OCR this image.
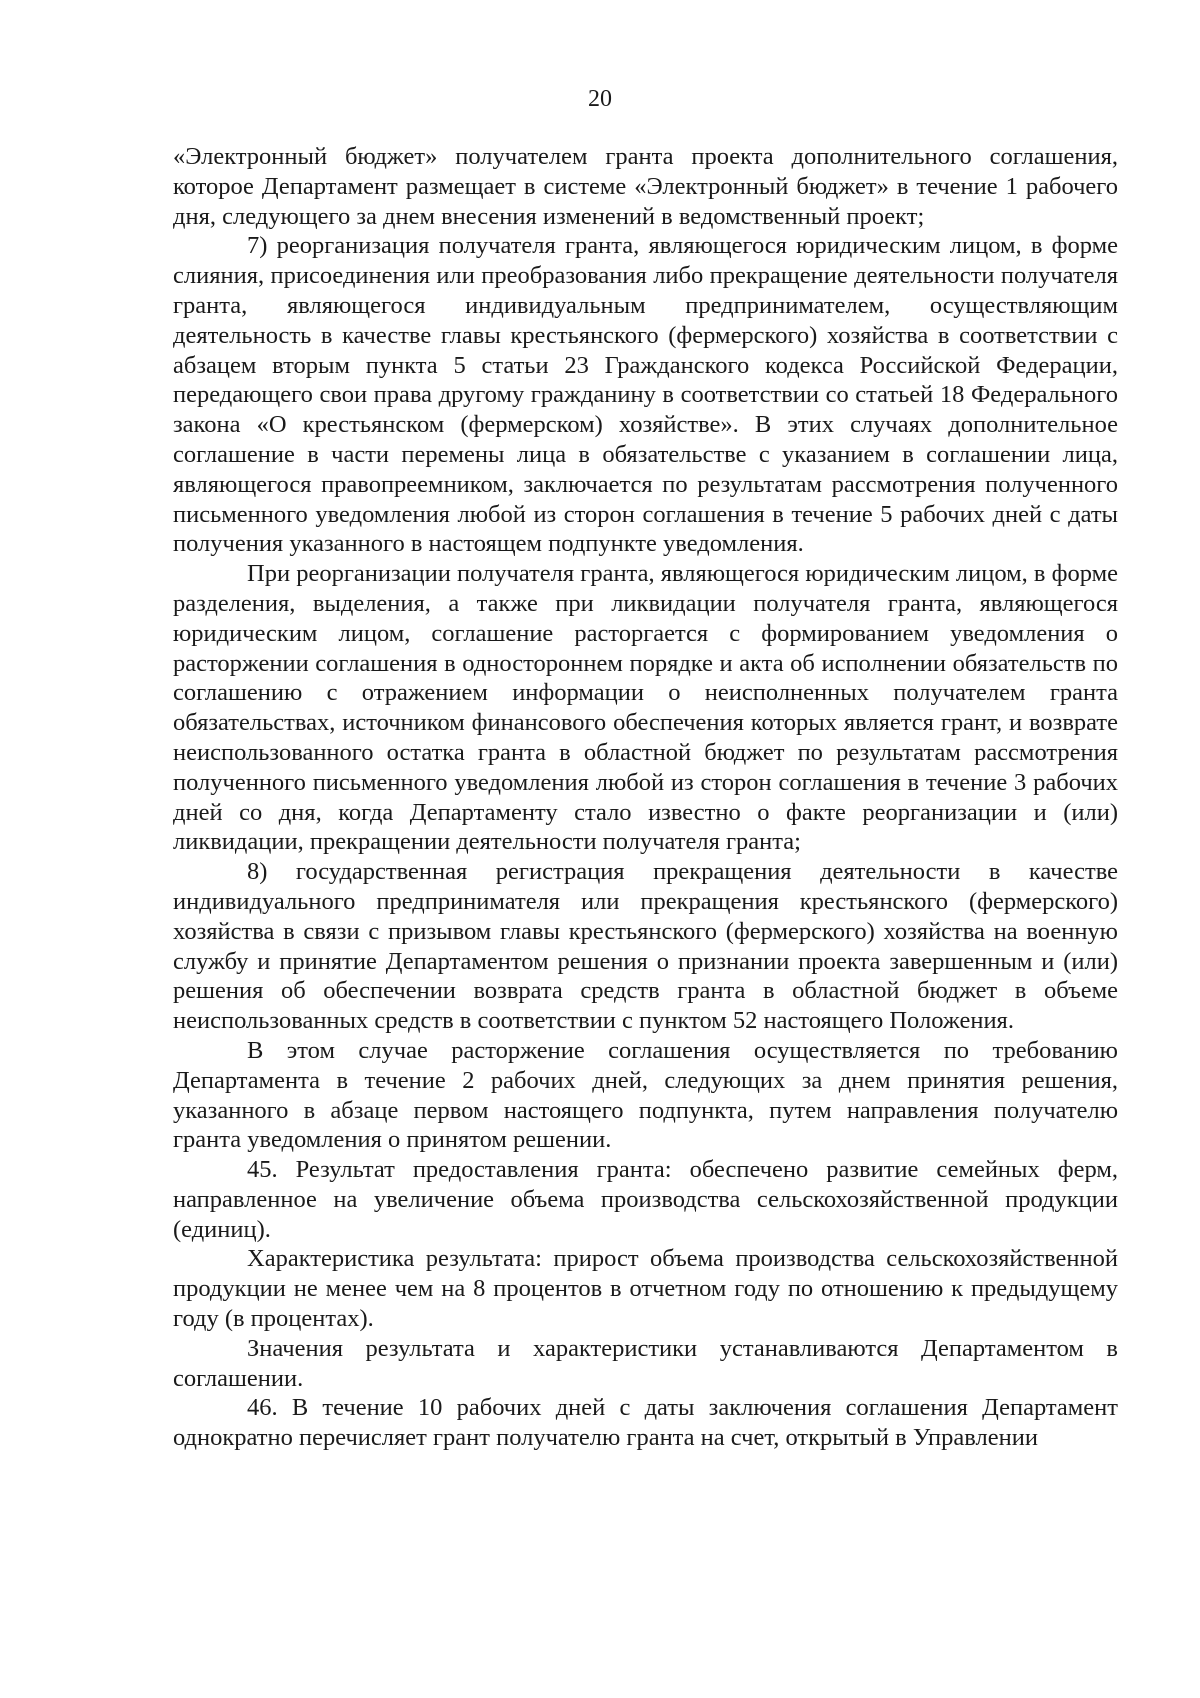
20

«Электронный бюджет» получателем гранта проекта дополнительного соглашения, которое Департамент размещает в системе «Электронный бюджет» в течение 1 рабочего дня, следующего за днем внесения изменений в ведомственный проект;

7) реорганизация получателя гранта, являющегося юридическим лицом, в форме слияния, присоединения или преобразования либо прекращение деятельности получателя гранта, являющегося индивидуальным предпринимателем, осуществляющим деятельность в качестве главы крестьянского (фермерского) хозяйства в соответствии с абзацем вторым пункта 5 статьи 23 Гражданского кодекса Российской Федерации, передающего свои права другому гражданину в соответствии со статьей 18 Федерального закона «О крестьянском (фермерском) хозяйстве». В этих случаях дополнительное соглашение в части перемены лица в обязательстве с указанием в соглашении лица, являющегося правопреемником, заключается по результатам рассмотрения полученного письменного уведомления любой из сторон соглашения в течение 5 рабочих дней с даты получения указанного в настоящем подпункте уведомления.

При реорганизации получателя гранта, являющегося юридическим лицом, в форме разделения, выделения, а также при ликвидации получателя гранта, являющегося юридическим лицом, соглашение расторгается с формированием уведомления о расторжении соглашения в одностороннем порядке и акта об исполнении обязательств по соглашению с отражением информации о неисполненных получателем гранта обязательствах, источником финансового обеспечения которых является грант, и возврате неиспользованного остатка гранта в областной бюджет по результатам рассмотрения полученного письменного уведомления любой из сторон соглашения в течение 3 рабочих дней со дня, когда Департаменту стало известно о факте реорганизации и (или) ликвидации, прекращении деятельности получателя гранта;

8) государственная регистрация прекращения деятельности в качестве индивидуального предпринимателя или прекращения крестьянского (фермерского) хозяйства в связи с призывом главы крестьянского (фермерского) хозяйства на военную службу и принятие Департаментом решения о признании проекта завершенным и (или) решения об обеспечении возврата средств гранта в областной бюджет в объеме неиспользованных средств в соответствии с пунктом 52 настоящего Положения.

В этом случае расторжение соглашения осуществляется по требованию Департамента в течение 2 рабочих дней, следующих за днем принятия решения, указанного в абзаце первом настоящего подпункта, путем направления получателю гранта уведомления о принятом решении.

45. Результат предоставления гранта: обеспечено развитие семейных ферм, направленное на увеличение объема производства сельскохозяйственной продукции (единиц).

Характеристика результата: прирост объема производства сельскохозяйственной продукции не менее чем на 8 процентов в отчетном году по отношению к предыдущему году (в процентах).

Значения результата и характеристики устанавливаются Департаментом в соглашении.

46. В течение 10 рабочих дней с даты заключения соглашения Департамент однократно перечисляет грант получателю гранта на счет, открытый в Управлении
